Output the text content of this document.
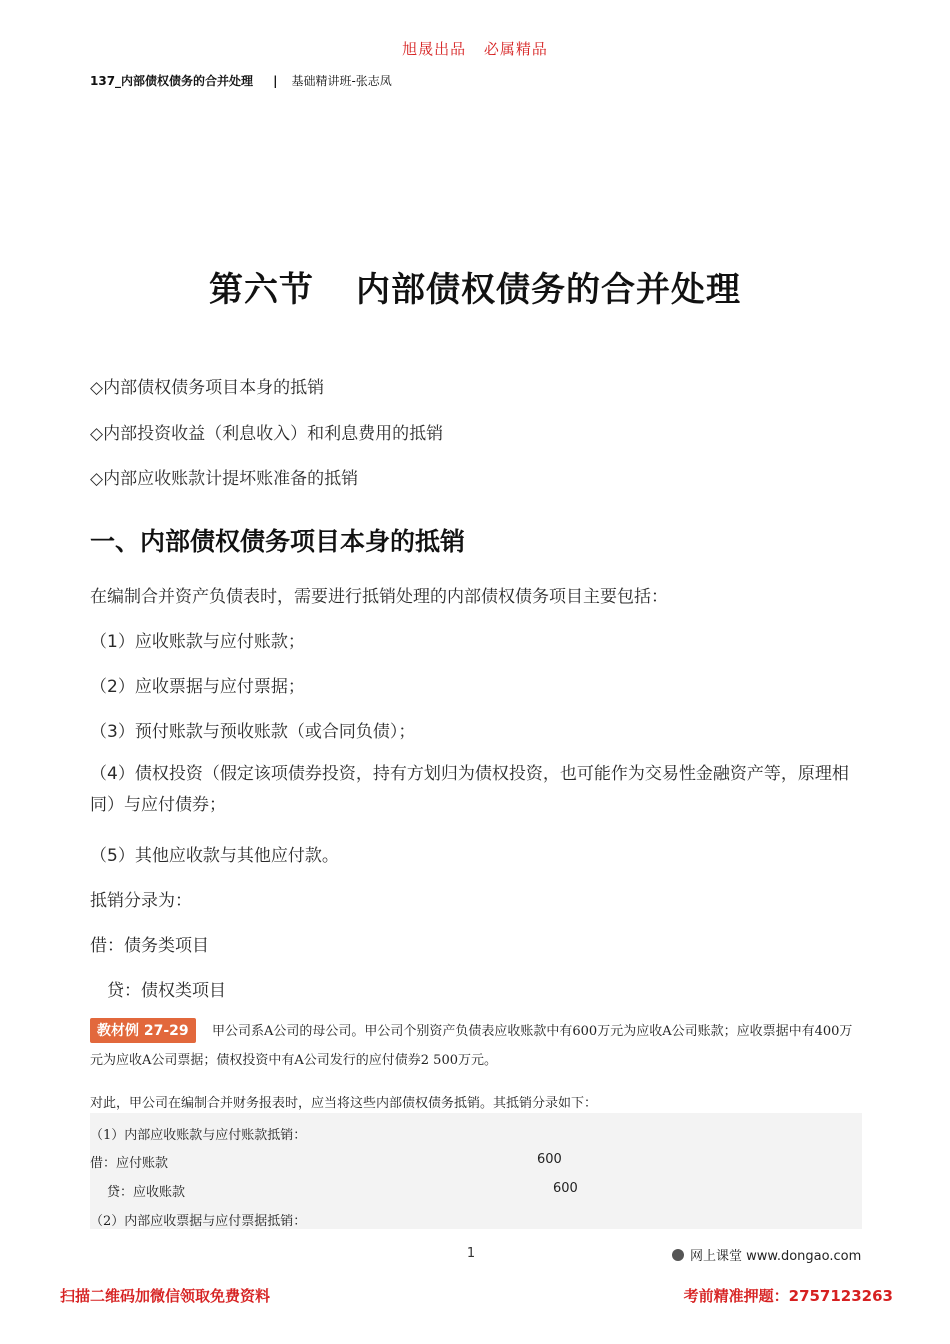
旭晟出品 必属精品
137_内部债权债务的合并处理 | 基础精讲班-张志凤
第六节 内部债权债务的合并处理
◇内部债权债务项目本身的抵销
◇内部投资收益（利息收入）和利息费用的抵销
◇内部应收账款计提坏账准备的抵销
一、内部债权债务项目本身的抵销
在编制合并资产负债表时，需要进行抵销处理的内部债权债务项目主要包括：
（1）应收账款与应付账款；
（2）应收票据与应付票据；
（3）预付账款与预收账款（或合同负债）；
（4）债权投资（假定该项债券投资，持有方划归为债权投资，也可能作为交易性金融资产等，原理相同）与应付债券；
（5）其他应收款与其他应付款。
抵销分录为：
借：债务类项目
贷：债权类项目
甲公司系A公司的母公司。甲公司个别资产负债表应收账款中有600万元为应收A公司账款；应收票据中有400万元为应收A公司票据；债权投资中有A公司发行的应付债券2 500万元。
教材例 27-29
对此，甲公司在编制合并财务报表时，应当将这些内部债权债务抵销。其抵销分录如下：
（1）内部应收账款与应付账款抵销：
借：应付账款	600
贷：应收账款	600
（2）内部应收票据与应付票据抵销：
1	网上课堂 www.dongao.com
扫描二维码加微信领取免费资料	考前精准押题：2757123263
